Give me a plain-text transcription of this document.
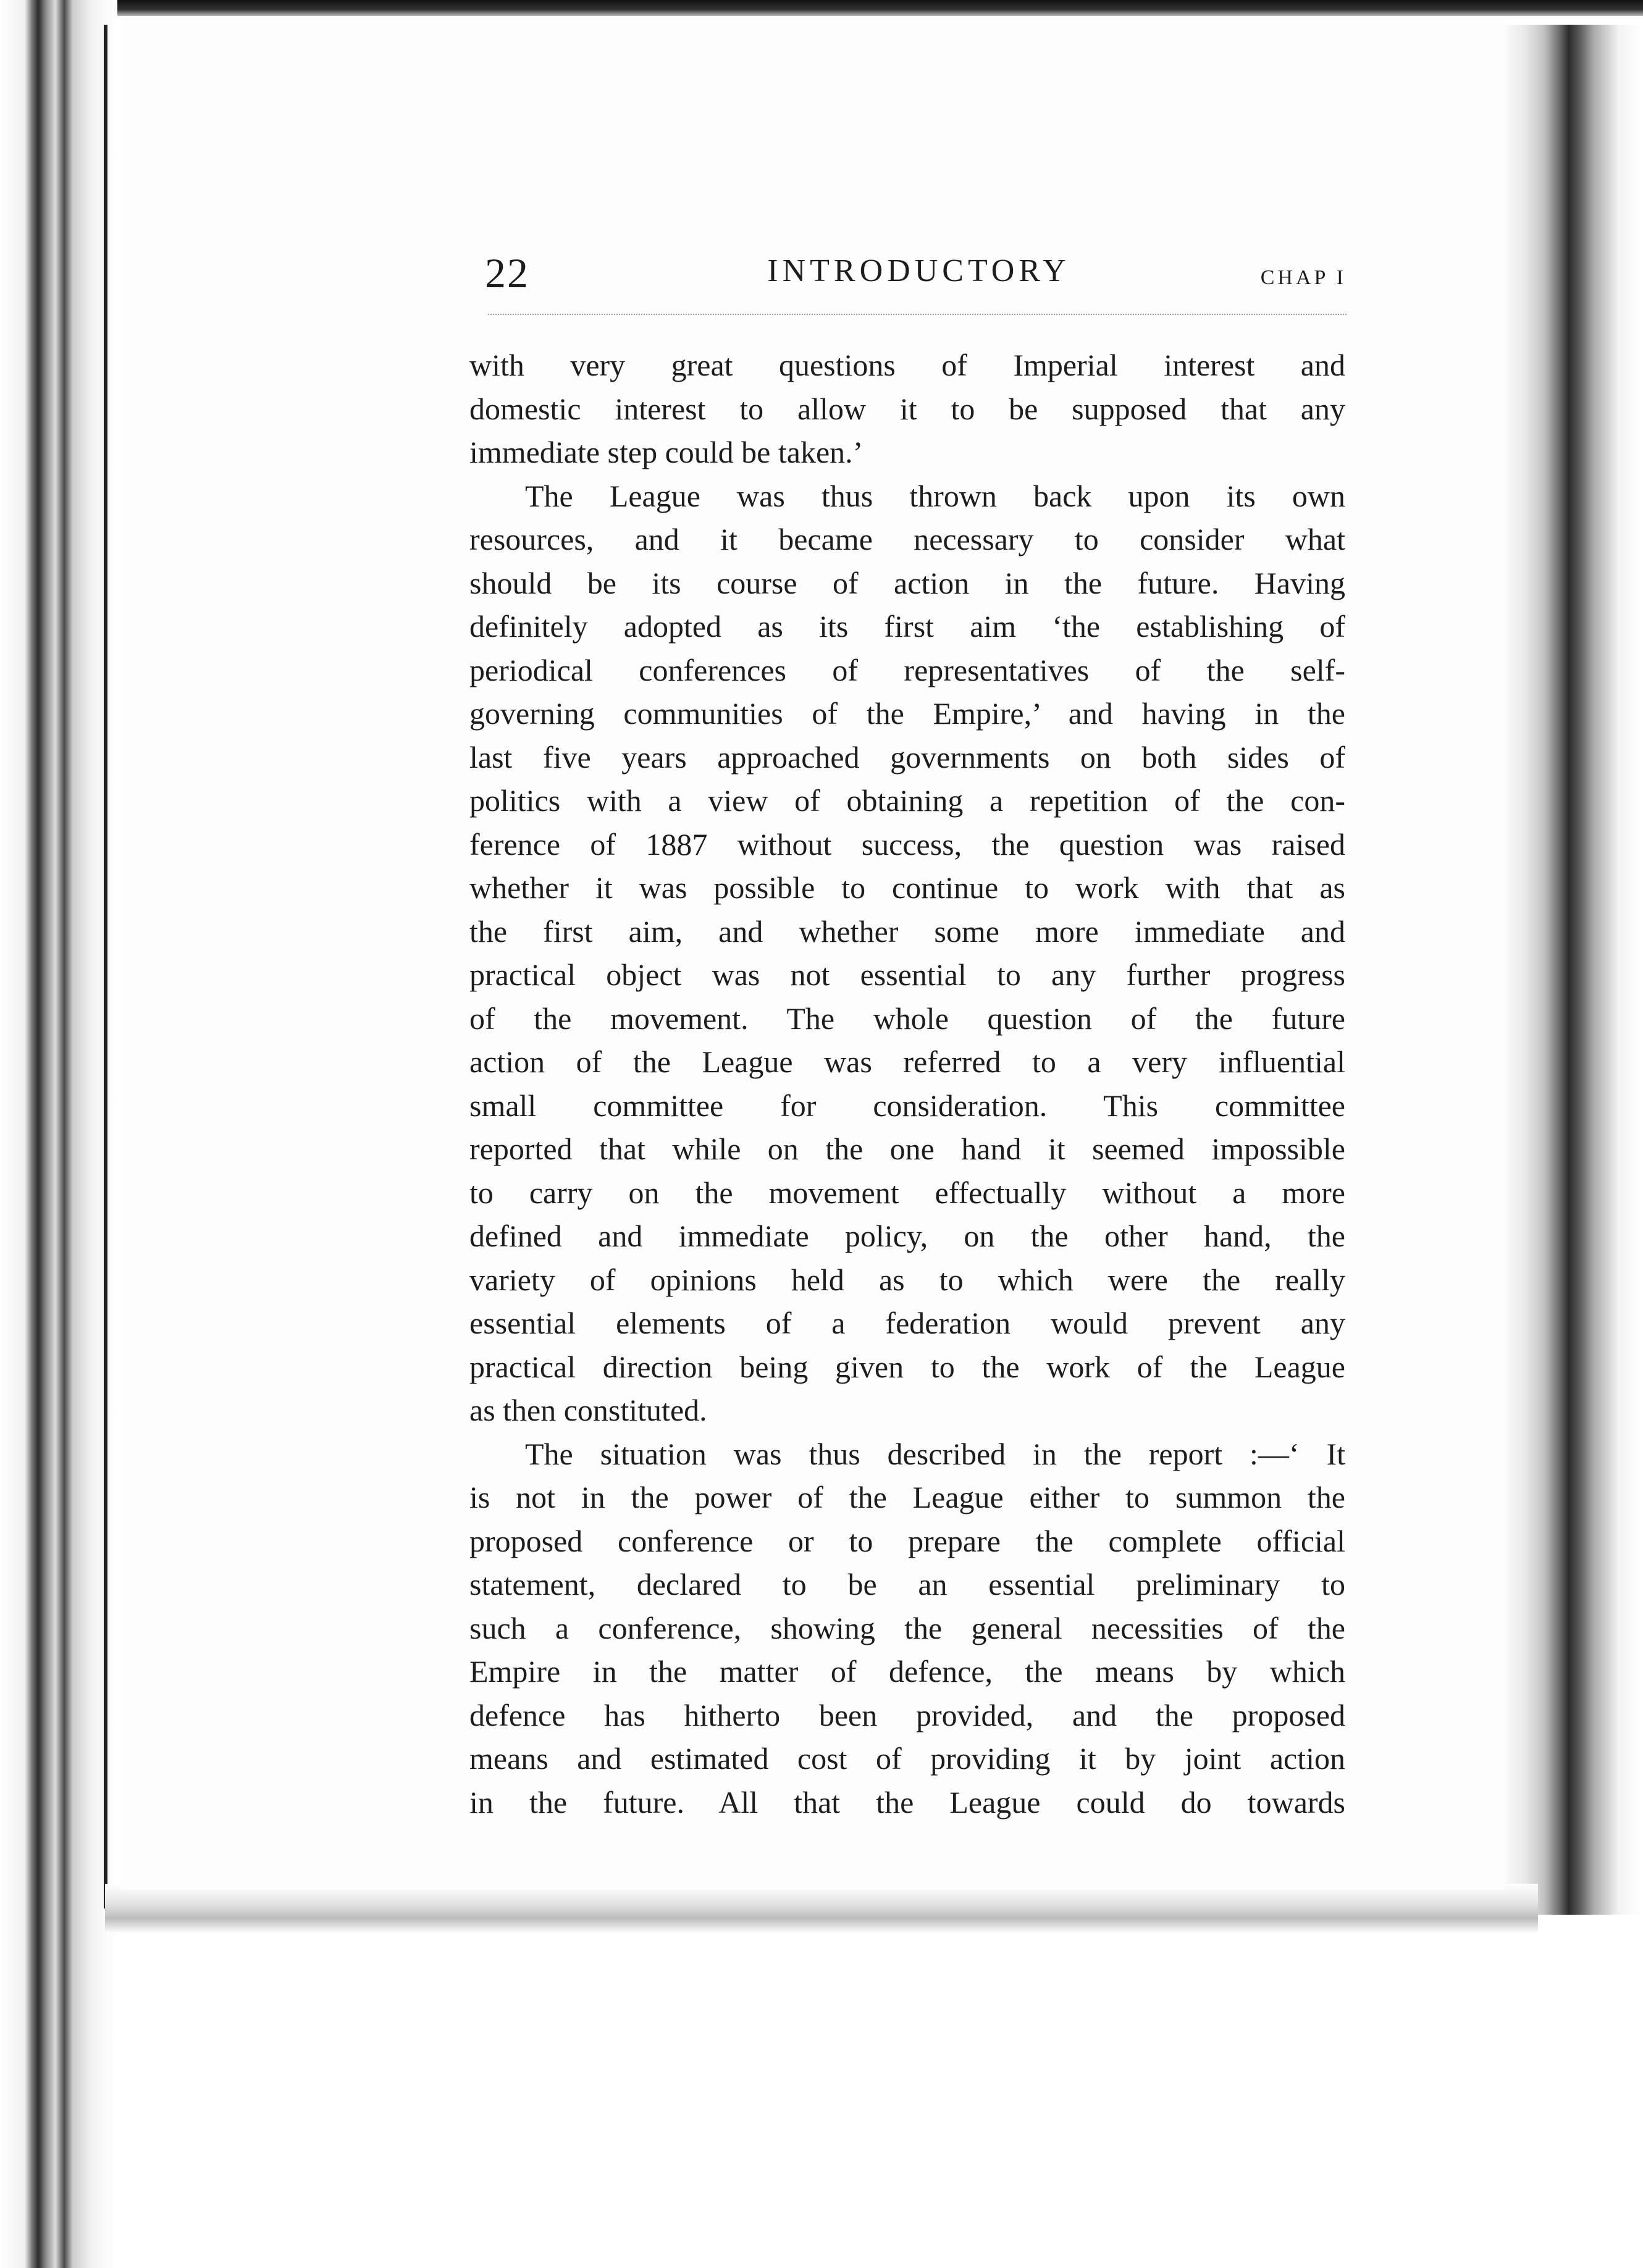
22	INTRODUCTORY	CHAP I
with very great questions of Imperial interest and
domestic interest to allow it to be supposed that any
immediate step could be taken.’
The League was thus thrown back upon its own
resources, and it became necessary to consider what
should be its course of action in the future. Having
definitely adopted as its first aim ‘the establishing of
periodical conferences of representatives of the self-
governing communities of the Empire,’ and having in the
last five years approached governments on both sides of
politics with a view of obtaining a repetition of the con-
ference of 1887 without success, the question was raised
whether it was possible to continue to work with that as
the first aim, and whether some more immediate and
practical object was not essential to any further progress
of the movement. The whole question of the future
action of the League was referred to a very influential
small committee for consideration. This committee
reported that while on the one hand it seemed impossible
to carry on the movement effectually without a more
defined and immediate policy, on the other hand, the
variety of opinions held as to which were the really
essential elements of a federation would prevent any
practical direction being given to the work of the League
as then constituted.
The situation was thus described in the report :—‘ It
is not in the power of the League either to summon the
proposed conference or to prepare the complete official
statement, declared to be an essential preliminary to
such a conference, showing the general necessities of the
Empire in the matter of defence, the means by which
defence has hitherto been provided, and the proposed
means and estimated cost of providing it by joint action
in the future. All that the League could do towards
